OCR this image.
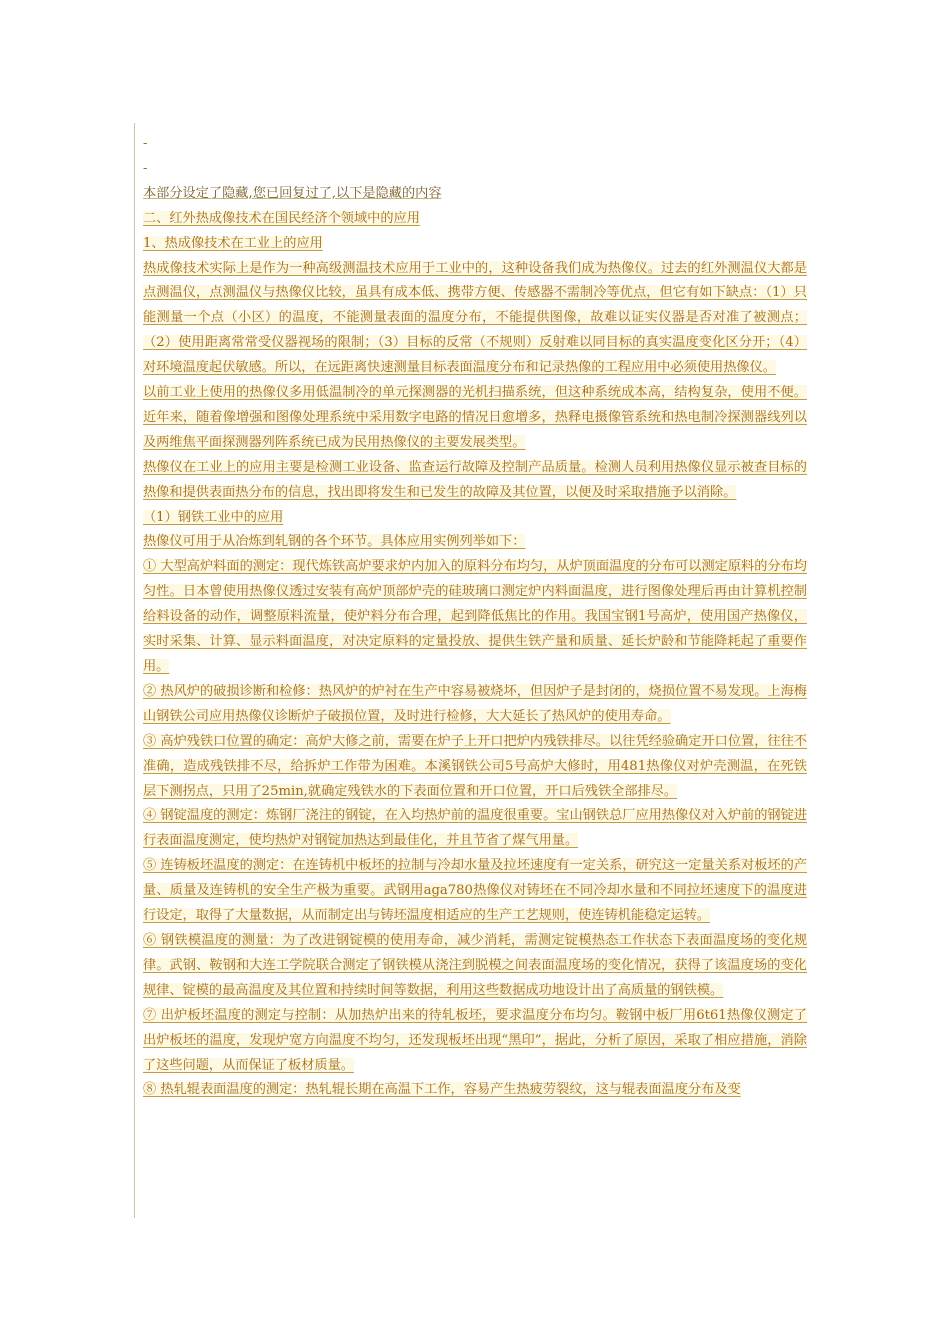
-
-

本部分设定了隐藏,您已回复过了,以下是隐藏的内容

二、红外热成像技术在国民经济个领域中的应用

1、热成像技术在工业上的应用

热成像技术实际上是作为一种高级测温技术应用于工业中的，这种设备我们成为热像仪。过去的红外测温仪大都是点测温仪，点测温仪与热像仪比较，虽具有成本低、携带方便、传感器不需制冷等优点，但它有如下缺点：（1）只能测量一个点（小区）的温度，不能测量表面的温度分布，不能提供图像，故难以证实仪器是否对准了被测点；（2）使用距离常常受仪器视场的限制；（3）目标的反常（不规则）反射难以同目标的真实温度变化区分开；（4）对环境温度起伏敏感。所以，在远距离快速测量目标表面温度分布和记录热像的工程应用中必须使用热像仪。

以前工业上使用的热像仪多用低温制冷的单元探测器的光机扫描系统，但这种系统成本高，结构复杂，使用不便。近年来，随着像增强和图像处理系统中采用数字电路的情况日愈增多，热释电摄像管系统和热电制冷探测器线列以及两维焦平面探测器列阵系统已成为民用热像仪的主要发展类型。

热像仪在工业上的应用主要是检测工业设备、监查运行故障及控制产品质量。检测人员利用热像仪显示被查目标的热像和提供表面热分布的信息，找出即将发生和已发生的故障及其位置，以便及时采取措施予以消除。

（1）钢铁工业中的应用

热像仪可用于从冶炼到轧钢的各个环节。具体应用实例列举如下：

① 大型高炉料面的测定：现代炼铁高炉要求炉内加入的原料分布均匀，从炉顶面温度的分布可以测定原料的分布均匀性。日本曾使用热像仪透过安装有高炉顶部炉壳的硅玻璃口测定炉内料面温度，进行图像处理后再由计算机控制给料设备的动作，调整原料流量，使炉料分布合理，起到降低焦比的作用。我国宝钢1号高炉，使用国产热像仪，实时采集、计算、显示料面温度，对决定原料的定量投放、提供生铁产量和质量、延长炉龄和节能降耗起了重要作用。

② 热风炉的破损诊断和检修：热风炉的炉衬在生产中容易被烧坏，但因炉子是封闭的，烧损位置不易发现。上海梅山钢铁公司应用热像仪诊断炉子破损位置，及时进行检修，大大延长了热风炉的使用寿命。

③ 高炉残铁口位置的确定：高炉大修之前，需要在炉子上开口把炉内残铁排尽。以往凭经验确定开口位置，往往不准确，造成残铁排不尽，给拆炉工作带为困难。本溪钢铁公司5号高炉大修时，用481热像仪对炉壳测温，在死铁层下测拐点，只用了25min,就确定残铁水的下表面位置和开口位置，开口后残铁全部排尽。

④ 钢锭温度的测定：炼钢厂浇注的钢锭，在入均热炉前的温度很重要。宝山钢铁总厂应用热像仪对入炉前的钢锭进行表面温度测定，使均热炉对钢锭加热达到最佳化，并且节省了煤气用量。

⑤ 连铸板坯温度的测定：在连铸机中板坯的拉制与冷却水量及拉坯速度有一定关系，研究这一定量关系对板坯的产量、质量及连铸机的安全生产极为重要。武钢用aga780热像仪对铸坯在不同冷却水量和不同拉坯速度下的温度进行设定，取得了大量数据，从而制定出与铸坯温度相适应的生产工艺规则，使连铸机能稳定运转。

⑥ 钢铁模温度的测量：为了改进钢锭模的使用寿命，减少消耗，需测定锭模热态工作状态下表面温度场的变化规律。武钢、鞍钢和大连工学院联合测定了钢铁模从浇注到脱模之间表面温度场的变化情况，获得了该温度场的变化规律、锭模的最高温度及其位置和持续时间等数据，利用这些数据成功地设计出了高质量的钢铁模。

⑦ 出炉板坯温度的测定与控制：从加热炉出来的待轧板坯，要求温度分布均匀。鞍钢中板厂用6t61热像仪测定了出炉板坯的温度，发现炉宽方向温度不均匀，还发现板坯出现“黑印”，据此，分析了原因，采取了相应措施，消除了这些问题，从而保证了板材质量。

⑧ 热轧辊表面温度的测定：热轧辊长期在高温下工作，容易产生热疲劳裂纹，这与辊表面温度分布及变
